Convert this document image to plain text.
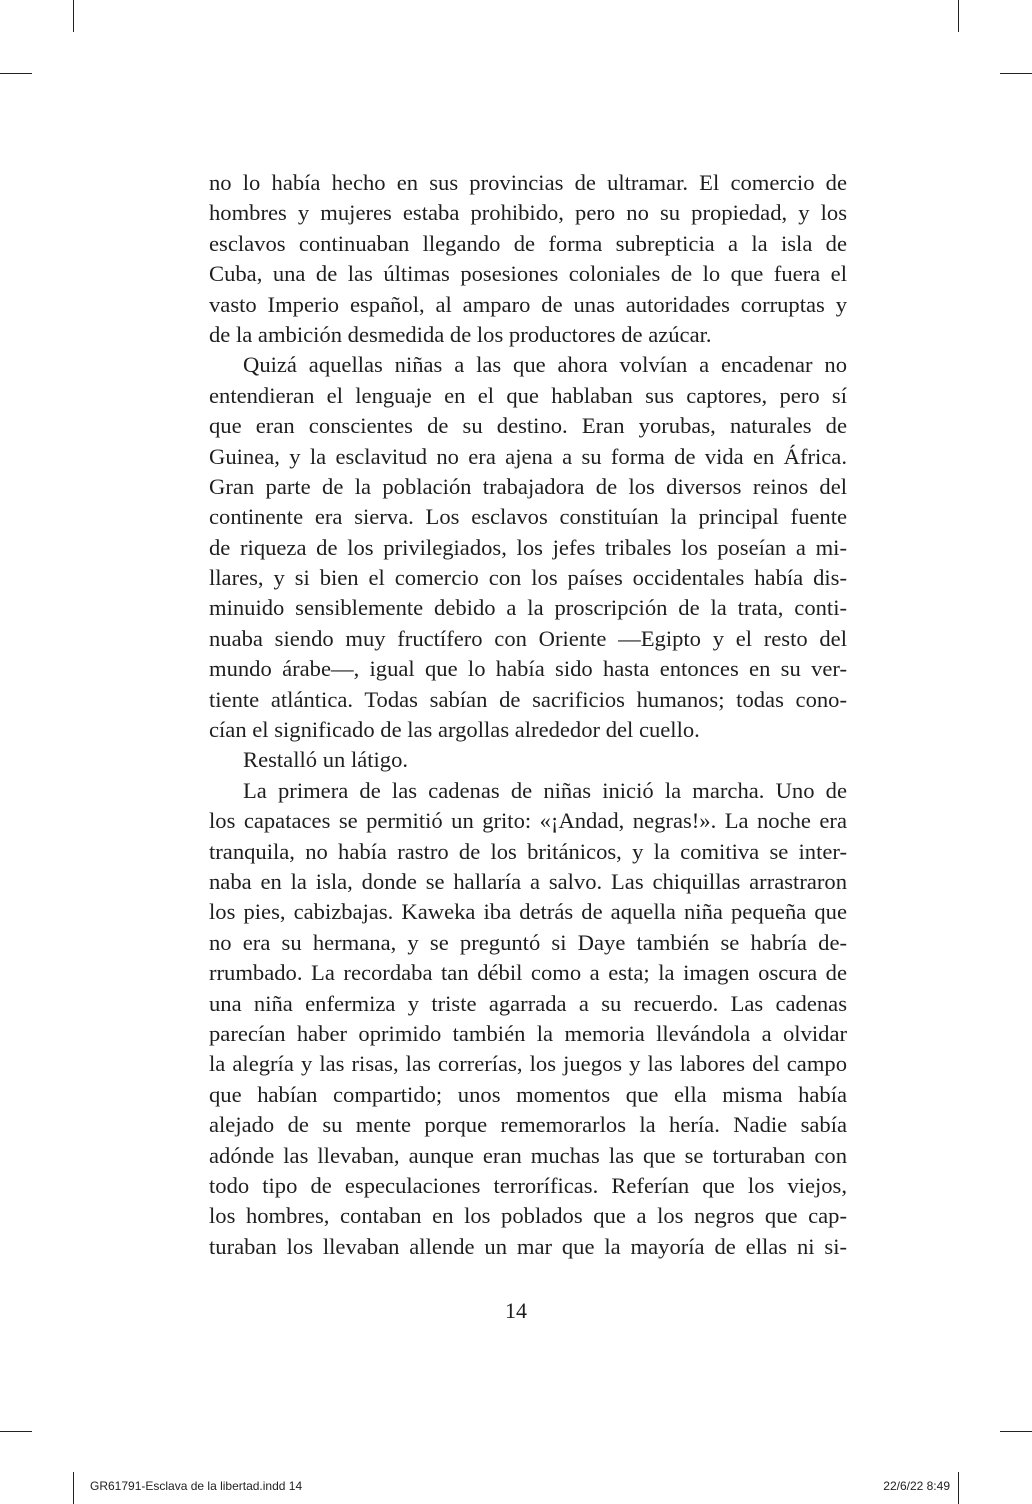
no lo había hecho en sus provincias de ultramar. El comercio de
hombres y mujeres estaba prohibido, pero no su propiedad, y los
esclavos continuaban llegando de forma subrepticia a la isla de
Cuba, una de las últimas posesiones coloniales de lo que fuera el
vasto Imperio español, al amparo de unas autoridades corruptas y
de la ambición desmedida de los productores de azúcar.
Quizá aquellas niñas a las que ahora volvían a encadenar no
entendieran el lenguaje en el que hablaban sus captores, pero sí
que eran conscientes de su destino. Eran yorubas, naturales de
Guinea, y la esclavitud no era ajena a su forma de vida en África.
Gran parte de la población trabajadora de los diversos reinos del
continente era sierva. Los esclavos constituían la principal fuente
de riqueza de los privilegiados, los jefes tribales los poseían a mi-
llares, y si bien el comercio con los países occidentales había dis-
minuido sensiblemente debido a la proscripción de la trata, conti-
nuaba siendo muy fructífero con Oriente —Egipto y el resto del
mundo árabe—, igual que lo había sido hasta entonces en su ver-
tiente atlántica. Todas sabían de sacrificios humanos; todas cono-
cían el significado de las argollas alrededor del cuello.
Restalló un látigo.
La primera de las cadenas de niñas inició la marcha. Uno de
los capataces se permitió un grito: «¡Andad, negras!». La noche era
tranquila, no había rastro de los británicos, y la comitiva se inter-
naba en la isla, donde se hallaría a salvo. Las chiquillas arrastraron
los pies, cabizbajas. Kaweka iba detrás de aquella niña pequeña que
no era su hermana, y se preguntó si Daye también se habría de-
rrumbado. La recordaba tan débil como a esta; la imagen oscura de
una niña enfermiza y triste agarrada a su recuerdo. Las cadenas
parecían haber oprimido también la memoria llevándola a olvidar
la alegría y las risas, las correrías, los juegos y las labores del campo
que habían compartido; unos momentos que ella misma había
alejado de su mente porque rememorarlos la hería. Nadie sabía
adónde las llevaban, aunque eran muchas las que se torturaban con
todo tipo de especulaciones terroríficas. Referían que los viejos,
los hombres, contaban en los poblados que a los negros que cap-
turaban los llevaban allende un mar que la mayoría de ellas ni si-
14
GR61791-Esclava de la libertad.indd 14	22/6/22 8:49
